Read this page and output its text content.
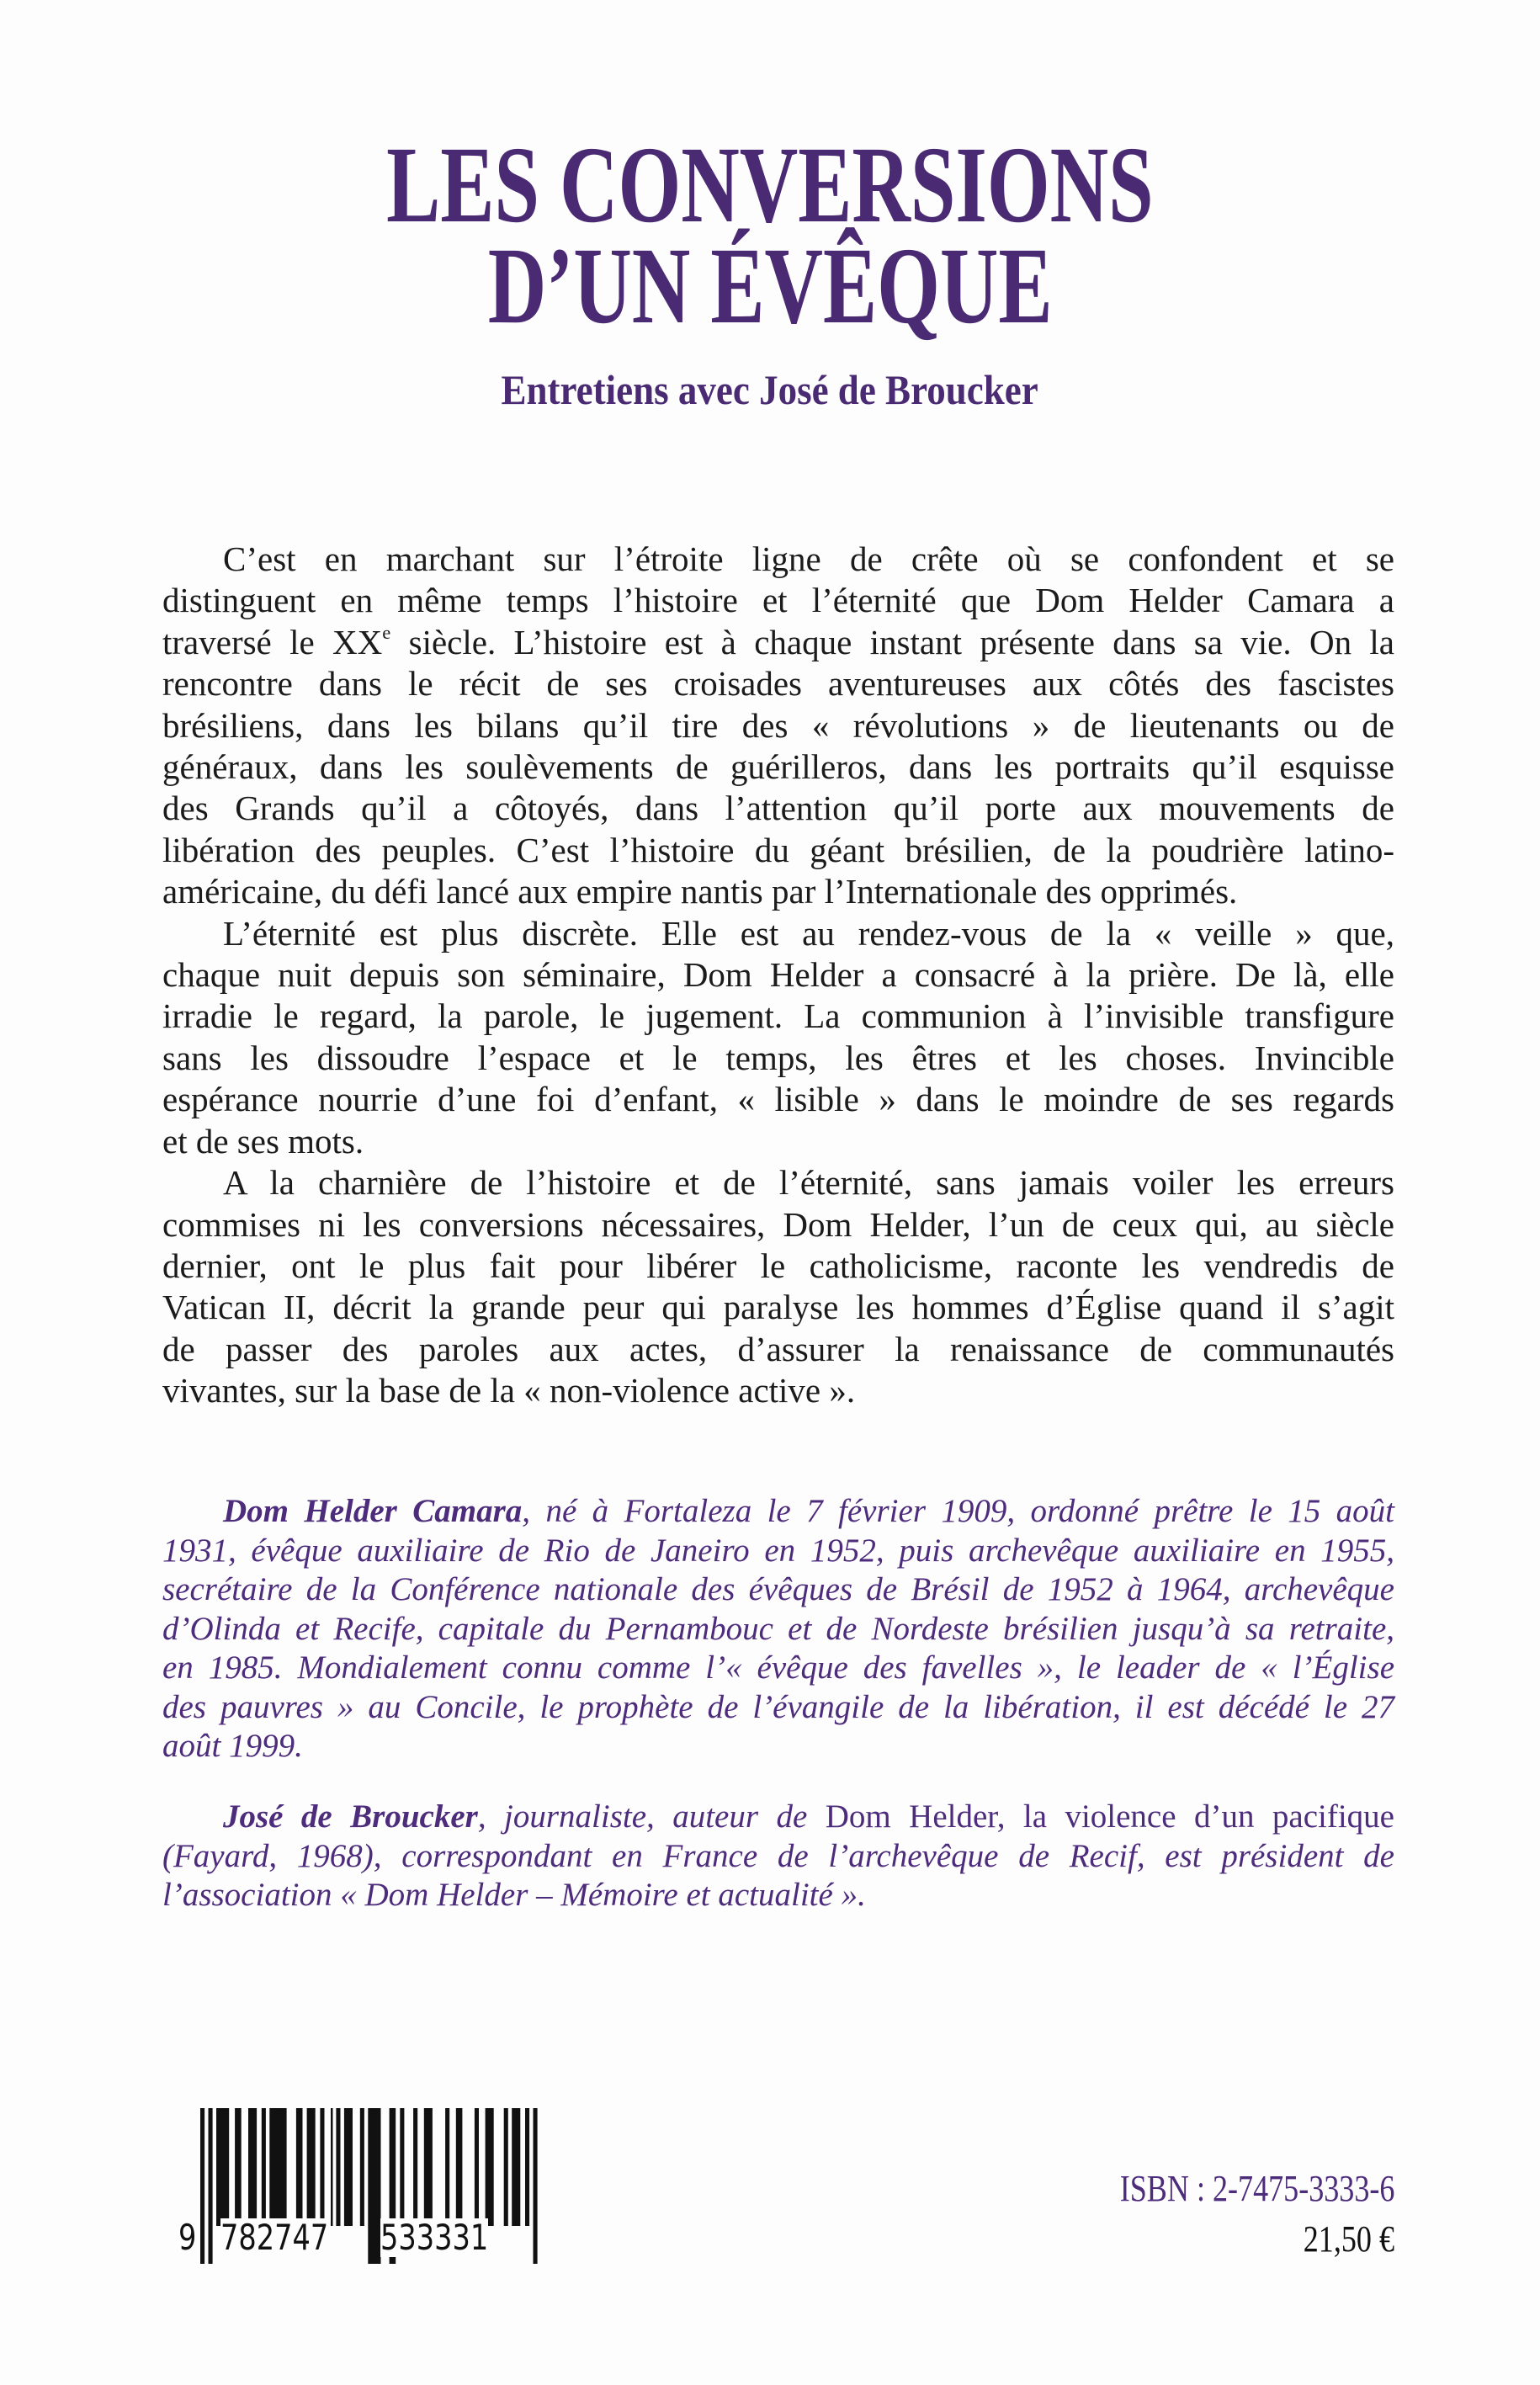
LES CONVERSIONS
D’UN ÉVÊQUE
Entretiens avec José de Broucker
C’est en marchant sur l’étroite ligne de crête où se confondent et se
distinguent en même temps l’histoire et l’éternité que Dom Helder Camara a
traversé le XXe siècle. L’histoire est à chaque instant présente dans sa vie. On la
rencontre dans le récit de ses croisades aventureuses aux côtés des fascistes
brésiliens, dans les bilans qu’il tire des « révolutions » de lieutenants ou de
généraux, dans les soulèvements de guérilleros, dans les portraits qu’il esquisse
des Grands qu’il a côtoyés, dans l’attention qu’il porte aux mouvements de
libération des peuples. C’est l’histoire du géant brésilien, de la poudrière latino-
américaine, du défi lancé aux empire nantis par l’Internationale des opprimés.
L’éternité est plus discrète. Elle est au rendez-vous de la « veille » que,
chaque nuit depuis son séminaire, Dom Helder a consacré à la prière. De là, elle
irradie le regard, la parole, le jugement. La communion à l’invisible transfigure
sans les dissoudre l’espace et le temps, les êtres et les choses. Invincible
espérance nourrie d’une foi d’enfant, « lisible » dans le moindre de ses regards
et de ses mots.
A la charnière de l’histoire et de l’éternité, sans jamais voiler les erreurs
commises ni les conversions nécessaires, Dom Helder, l’un de ceux qui, au siècle
dernier, ont le plus fait pour libérer le catholicisme, raconte les vendredis de
Vatican II, décrit la grande peur qui paralyse les hommes d’Église quand il s’agit
de passer des paroles aux actes, d’assurer la renaissance de communautés
vivantes, sur la base de la « non-violence active ».
Dom Helder Camara, né à Fortaleza le 7 février 1909, ordonné prêtre le 15 août
1931, évêque auxiliaire de Rio de Janeiro en 1952, puis archevêque auxiliaire en 1955,
secrétaire de la Conférence nationale des évêques de Brésil de 1952 à 1964, archevêque
d’Olinda et Recife, capitale du Pernambouc et de Nordeste brésilien jusqu’à sa retraite,
en 1985. Mondialement connu comme l’« évêque des favelles », le leader de « l’Église
des pauvres » au Concile, le prophète de l’évangile de la libération, il est décédé le 27
août 1999.
José de Broucker, journaliste, auteur de Dom Helder, la violence d’un pacifique
(Fayard, 1968), correspondant en France de l’archevêque de Recif, est président de
l’association « Dom Helder – Mémoire et actualité ».
9 782747 533331
ISBN : 2-7475-3333-6
21,50 €
